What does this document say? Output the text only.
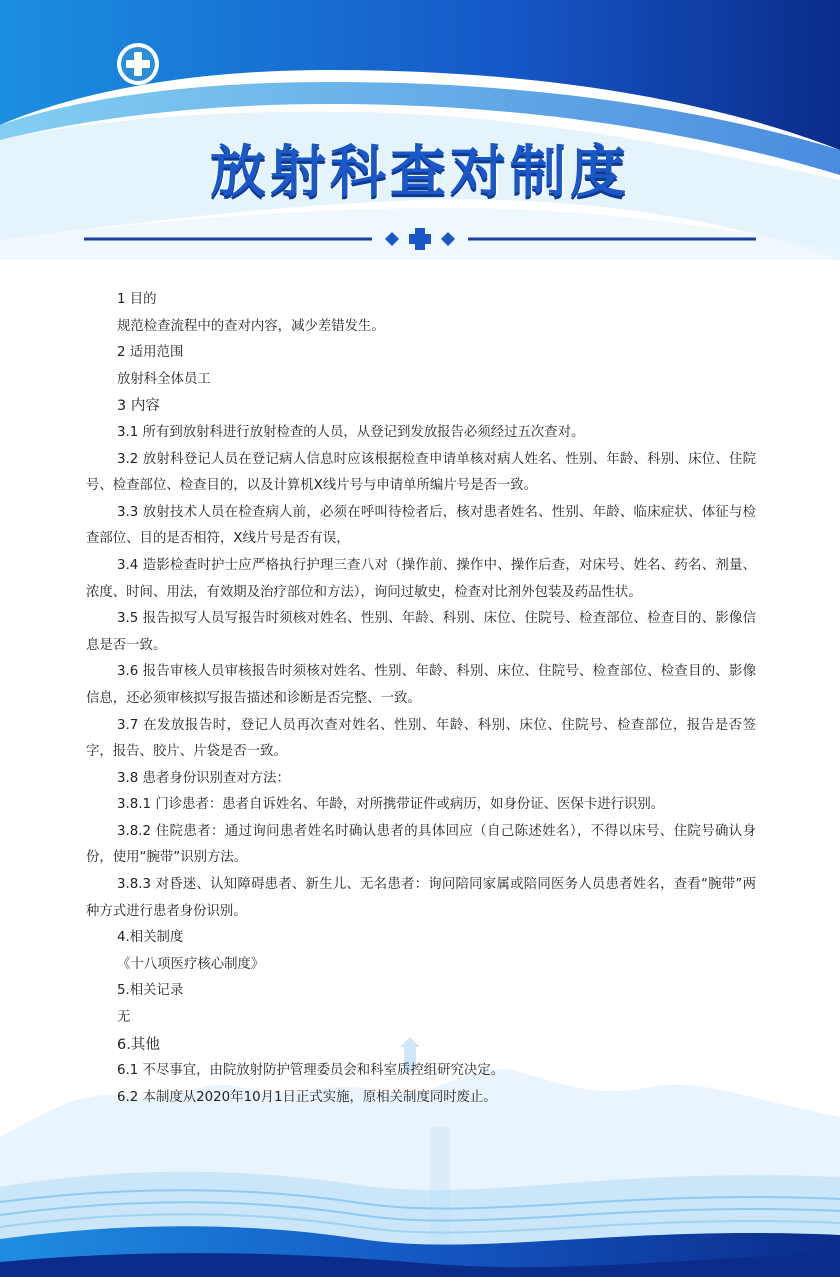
放射科查对制度

1 目的

规范检查流程中的查对内容，减少差错发生。

2 适用范围

放射科全体员工

3 内容

3.1 所有到放射科进行放射检查的人员，从登记到发放报告必须经过五次查对。

3.2 放射科登记人员在登记病人信息时应该根据检查申请单核对病人姓名、性别、年龄、科别、床位、住院号、检查部位、检查目的，以及计算机X线片号与申请单所编片号是否一致。

3.3 放射技术人员在检查病人前，必须在呼叫待检者后，核对患者姓名、性别、年龄、临床症状、体征与检查部位、目的是否相符，X线片号是否有误，

3.4 造影检查时护士应严格执行护理三查八对（操作前、操作中、操作后查，对床号、姓名、药名、剂量、浓度、时间、用法，有效期及治疗部位和方法），询问过敏史，检查对比剂外包装及药品性状。

3.5 报告拟写人员写报告时须核对姓名、性别、年龄、科别、床位、住院号、检查部位、检查目的、影像信息是否一致。

3.6 报告审核人员审核报告时须核对姓名、性别、年龄、科别、床位、住院号、检查部位、检查目的、影像信息，还必须审核拟写报告描述和诊断是否完整、一致。

3.7 在发放报告时，登记人员再次查对姓名、性别、年龄、科别、床位、住院号、检查部位，报告是否签字，报告、胶片、片袋是否一致。

3.8 患者身份识别查对方法：

3.8.1 门诊患者：患者自诉姓名、年龄，对所携带证件或病历，如身份证、医保卡进行识别。

3.8.2 住院患者：通过询问患者姓名时确认患者的具体回应（自己陈述姓名），不得以床号、住院号确认身份，使用“腕带”识别方法。

3.8.3 对昏迷、认知障碍患者、新生儿、无名患者：询问陪同家属或陪同医务人员患者姓名，查看“腕带”两种方式进行患者身份识别。

4.相关制度

《十八项医疗核心制度》

5.相关记录

无

6.其他

6.1 不尽事宜，由院放射防护管理委员会和科室质控组研究决定。

6.2 本制度从2020年10月1日正式实施，原相关制度同时废止。
